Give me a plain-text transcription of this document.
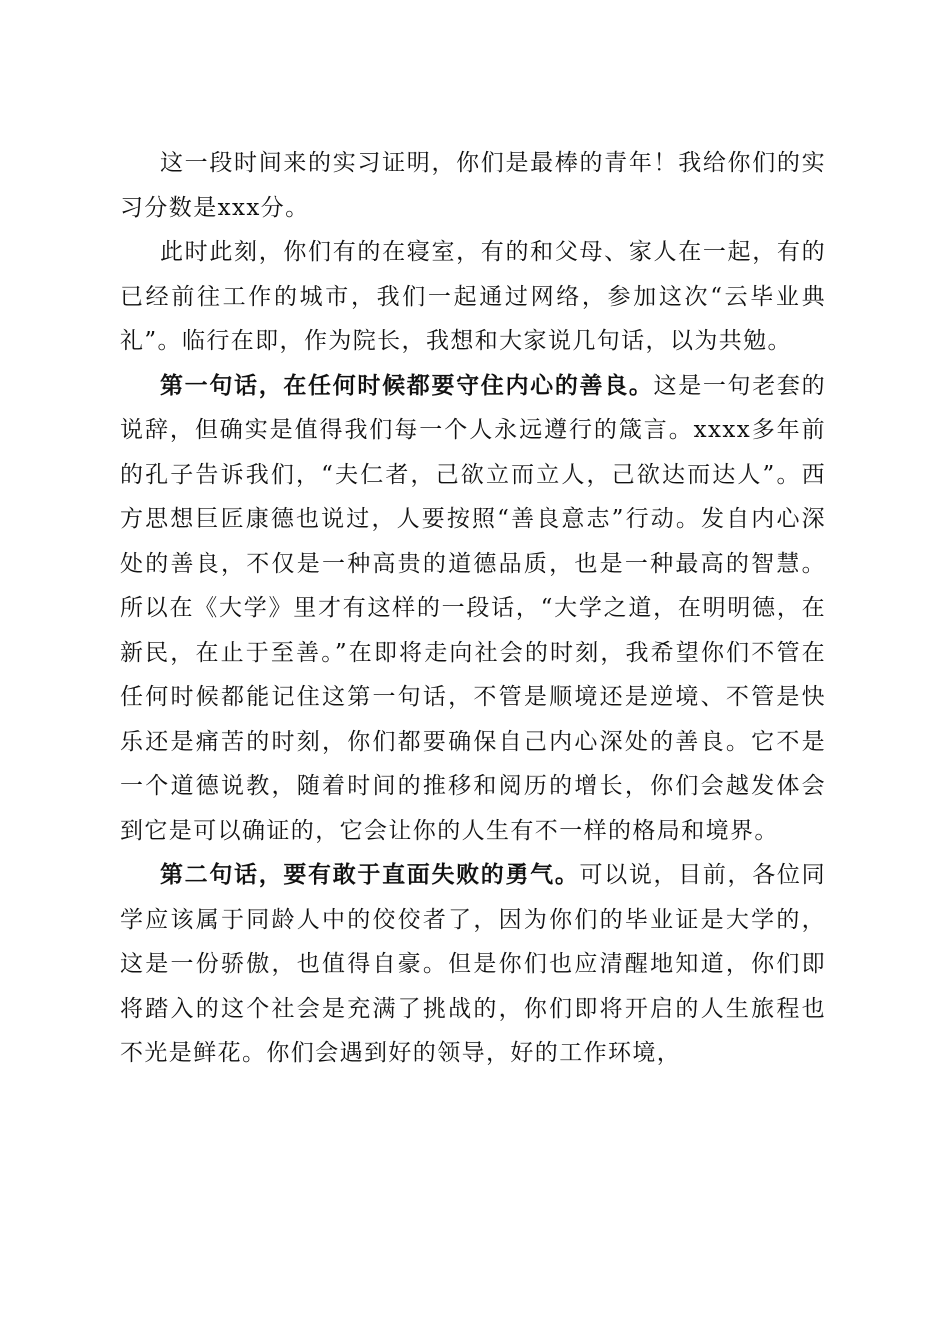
这一段时间来的实习证明，你们是最棒的青年！我给你们的实习分数是xxx分。

此时此刻，你们有的在寝室，有的和父母、家人在一起，有的已经前往工作的城市，我们一起通过网络，参加这次“云毕业典礼”。临行在即，作为院长，我想和大家说几句话，以为共勉。

第一句话，在任何时候都要守住内心的善良。这是一句老套的说辞，但确实是值得我们每一个人永远遵行的箴言。xxxx多年前的孔子告诉我们，“夫仁者，己欲立而立人，己欲达而达人”。西方思想巨匠康德也说过，人要按照“善良意志”行动。发自内心深处的善良，不仅是一种高贵的道德品质，也是一种最高的智慧。所以在《大学》里才有这样的一段话，“大学之道，在明明德，在新民，在止于至善。”在即将走向社会的时刻，我希望你们不管在任何时候都能记住这第一句话，不管是顺境还是逆境、不管是快乐还是痛苦的时刻，你们都要确保自己内心深处的善良。它不是一个道德说教，随着时间的推移和阅历的增长，你们会越发体会到它是可以确证的，它会让你的人生有不一样的格局和境界。

第二句话，要有敢于直面失败的勇气。可以说，目前，各位同学应该属于同龄人中的佼佼者了，因为你们的毕业证是大学的，这是一份骄傲，也值得自豪。但是你们也应清醒地知道，你们即将踏入的这个社会是充满了挑战的，你们即将开启的人生旅程也不光是鲜花。你们会遇到好的领导，好的工作环境，
